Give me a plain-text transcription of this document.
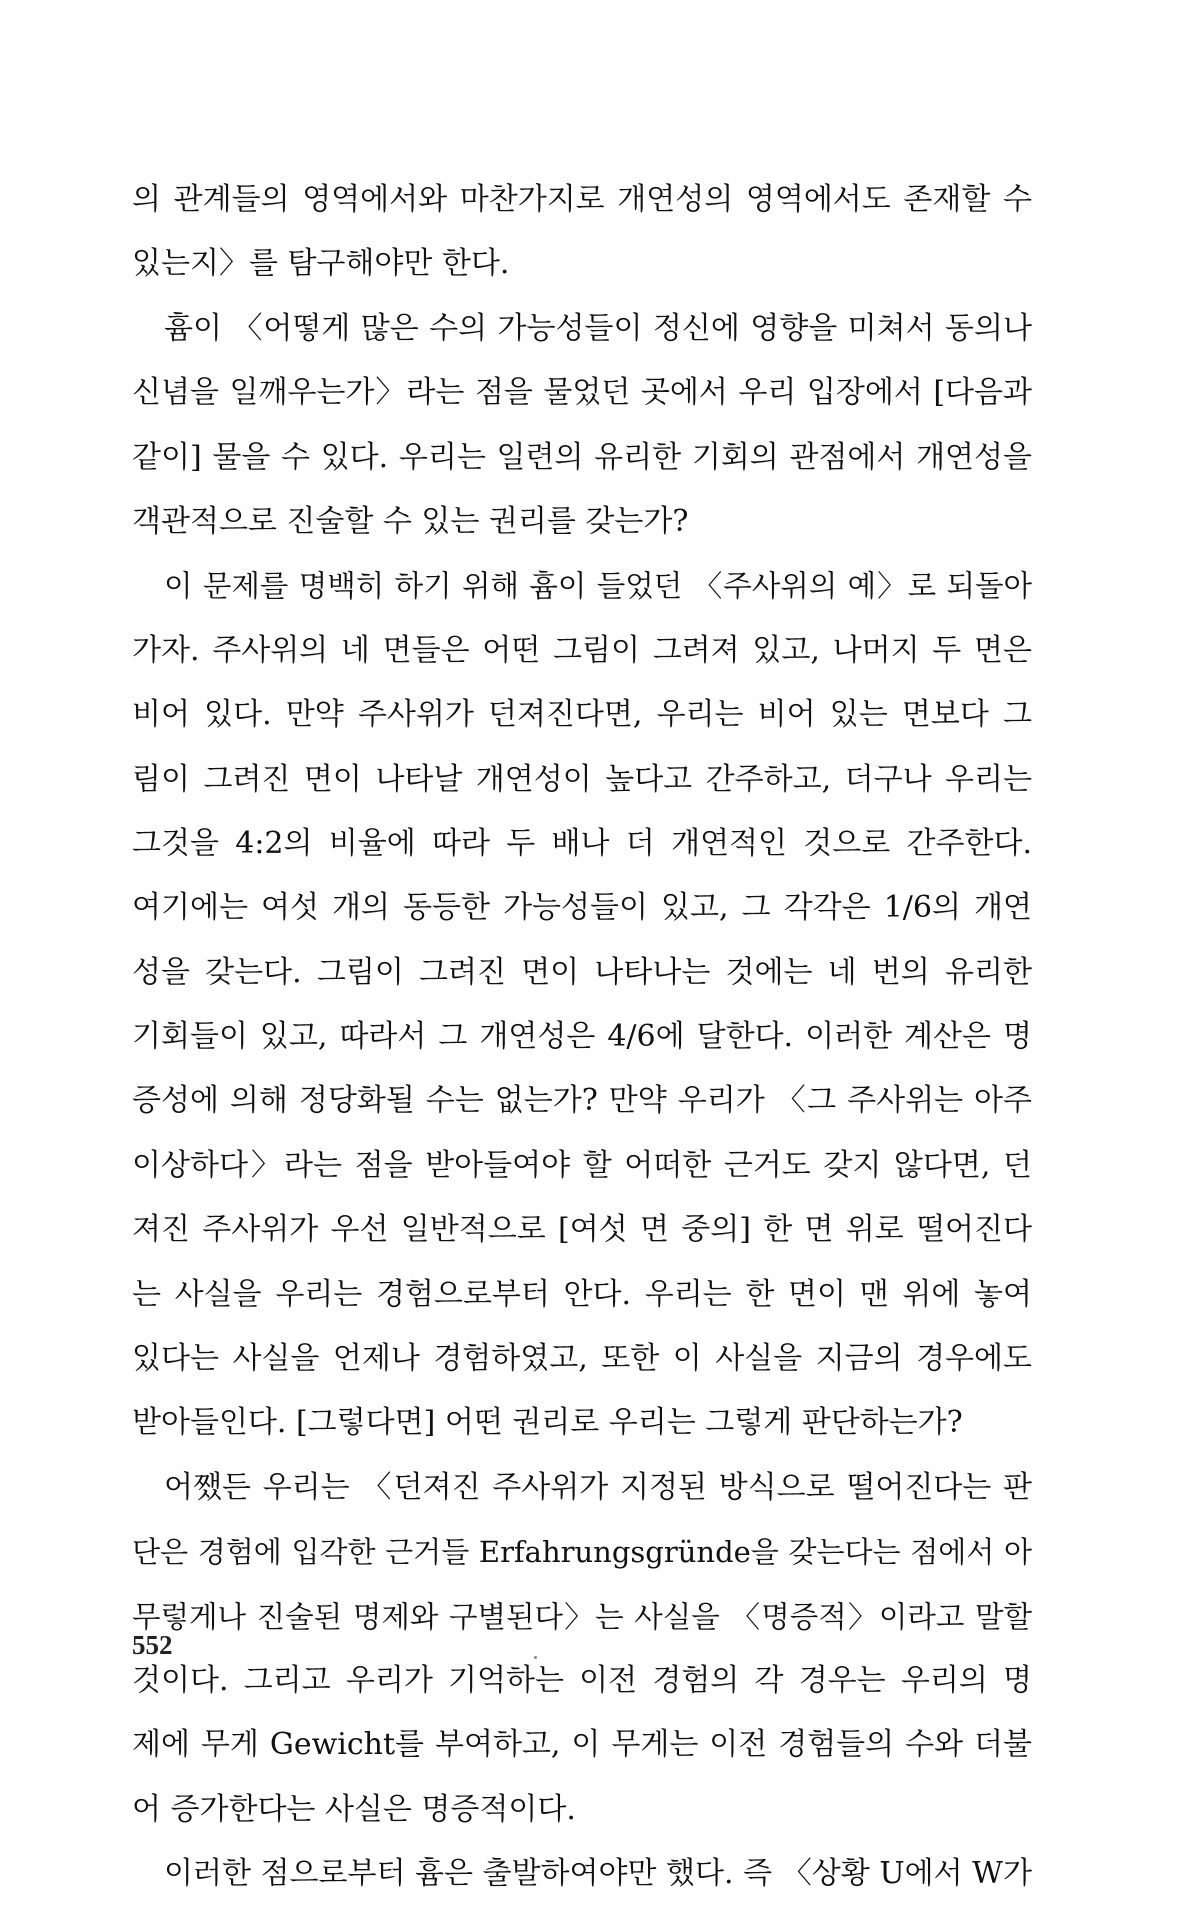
의 관계들의 영역에서와 마찬가지로 개연성의 영역에서도 존재할 수
있는지〉를 탐구해야만 한다.
흄이 〈어떻게 많은 수의 가능성들이 정신에 영향을 미쳐서 동의나
신념을 일깨우는가〉라는 점을 물었던 곳에서 우리 입장에서 [다음과
같이] 물을 수 있다. 우리는 일련의 유리한 기회의 관점에서 개연성을
객관적으로 진술할 수 있는 권리를 갖는가?
이 문제를 명백히 하기 위해 흄이 들었던 〈주사위의 예〉로 되돌아
가자. 주사위의 네 면들은 어떤 그림이 그려져 있고, 나머지 두 면은
비어 있다. 만약 주사위가 던져진다면, 우리는 비어 있는 면보다 그
림이 그려진 면이 나타날 개연성이 높다고 간주하고, 더구나 우리는
그것을 4:2의 비율에 따라 두 배나 더 개연적인 것으로 간주한다.
여기에는 여섯 개의 동등한 가능성들이 있고, 그 각각은 1/6의 개연
성을 갖는다. 그림이 그려진 면이 나타나는 것에는 네 번의 유리한
기회들이 있고, 따라서 그 개연성은 4/6에 달한다. 이러한 계산은 명
증성에 의해 정당화될 수는 없는가? 만약 우리가 〈그 주사위는 아주
이상하다〉라는 점을 받아들여야 할 어떠한 근거도 갖지 않다면, 던
져진 주사위가 우선 일반적으로 [여섯 면 중의] 한 면 위로 떨어진다
는 사실을 우리는 경험으로부터 안다. 우리는 한 면이 맨 위에 놓여
있다는 사실을 언제나 경험하였고, 또한 이 사실을 지금의 경우에도
받아들인다. [그렇다면] 어떤 권리로 우리는 그렇게 판단하는가?
어쨌든 우리는 〈던져진 주사위가 지정된 방식으로 떨어진다는 판
단은 경험에 입각한 근거들 Erfahrungsgründe을 갖는다는 점에서 아
무렇게나 진술된 명제와 구별된다〉는 사실을 〈명증적〉이라고 말할
것이다. 그리고 우리가 기억하는 이전 경험의 각 경우는 우리의 명
제에 무게 Gewicht를 부여하고, 이 무게는 이전 경험들의 수와 더불
어 증가한다는 사실은 명증적이다.
이러한 점으로부터 흄은 출발하여야만 했다. 즉 〈상황 U에서 W가
552
